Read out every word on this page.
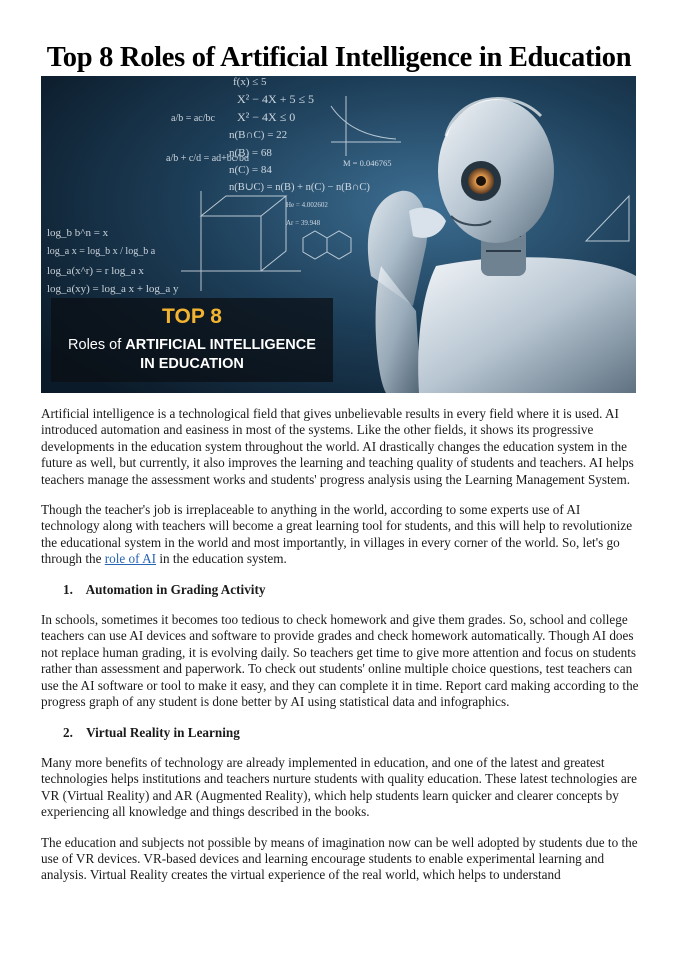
Top 8 Roles of Artificial Intelligence in Education
f(x) ≤ 5
X² − 4X + 5 ≤ 5
X² − 4X ≤ 0
n(B∩C) = 22
n(B) = 68
n(C) = 84
n(B∪C) = n(B) + n(C) − n(B∩C)
log_b b^n = x
log_a x = log_b x / log_b a
log_a(x^r) = r log_a x
log_a(xy) = log_a x + log_a y
M = 0.046765
a/b = ac/bc
a/b + c/d = ad+bc/bd
He = 4.002602
Ar = 39.948
TOP 8
Roles of ARTIFICIAL INTELLIGENCE
IN EDUCATION

Artificial intelligence is a technological field that gives unbelievable results in every field where it is used. AI introduced automation and easiness in most of the systems. Like the other fields, it shows its progressive developments in the education system throughout the world. AI drastically changes the education system in the future as well, but currently, it also improves the learning and teaching quality of students and teachers. AI helps teachers manage the assessment works and students' progress analysis using the Learning Management System.

Though the teacher's job is irreplaceable to anything in the world, according to some experts use of AI technology along with teachers will become a great learning tool for students, and this will help to revolutionize the educational system in the world and most importantly, in villages in every corner of the world. So, let's go through the role of AI in the education system.

1. Automation in Grading Activity

In schools, sometimes it becomes too tedious to check homework and give them grades. So, school and college teachers can use AI devices and software to provide grades and check homework automatically. Though AI does not replace human grading, it is evolving daily. So teachers get time to give more attention and focus on students rather than assessment and paperwork. To check out students' online multiple choice questions, test teachers can use the AI software or tool to make it easy, and they can complete it in time. Report card making according to the progress graph of any student is done better by AI using statistical data and infographics.

2. Virtual Reality in Learning

Many more benefits of technology are already implemented in education, and one of the latest and greatest technologies helps institutions and teachers nurture students with quality education. These latest technologies are VR (Virtual Reality) and AR (Augmented Reality), which help students learn quicker and clearer concepts by experiencing all knowledge and things described in the books.

The education and subjects not possible by means of imagination now can be well adopted by students due to the use of VR devices. VR-based devices and learning encourage students to enable experimental learning and analysis. Virtual Reality creates the virtual experience of the real world, which helps to understand
